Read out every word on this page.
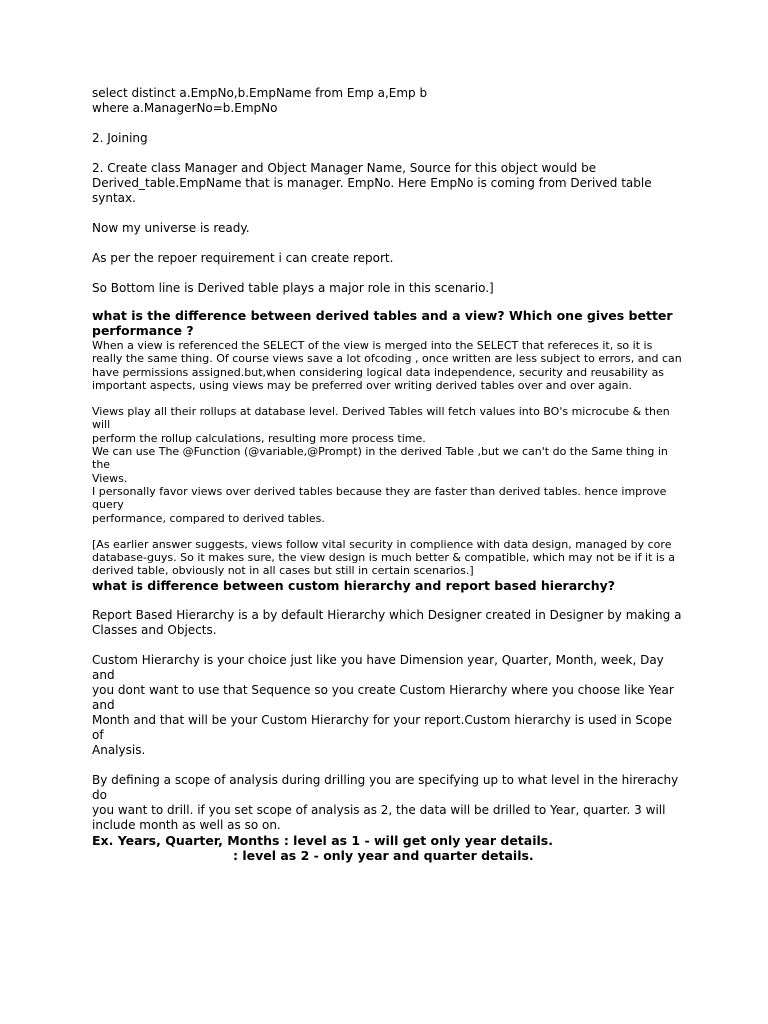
select distinct a.EmpNo,b.EmpName from Emp a,Emp b
where a.ManagerNo=b.EmpNo
2. Joining
2. Create class Manager and Object Manager Name, Source for this object would be
Derived_table.EmpName that is manager. EmpNo. Here EmpNo is coming from Derived table syntax.
Now my universe is ready.
As per the repoer requirement i can create report.
So Bottom line is Derived table plays a major role in this scenario.]
what is the difference between derived tables and a view? Which one gives better
performance ?
When a view is referenced the SELECT of the view is merged into the SELECT that refereces it, so it is
really the same thing. Of course views save a lot ofcoding , once written are less subject to errors, and can
have permissions assigned.but,when considering logical data independence, security and reusability as
important aspects, using views may be preferred over writing derived tables over and over again.
Views play all their rollups at database level. Derived Tables will fetch values into BO's microcube & then will
perform the rollup calculations, resulting more process time.
We can use The @Function (@variable,@Prompt) in the derived Table ,but we can't do the Same thing in the
Views.
I personally favor views over derived tables because they are faster than derived tables. hence improve query
performance, compared to derived tables.
[As earlier answer suggests, views follow vital security in complience with data design, managed by core
database-guys. So it makes sure, the view design is much better & compatible, which may not be if it is a
derived table, obviously not in all cases but still in certain scenarios.]
what is difference between custom hierarchy and report based hierarchy?
Report Based Hierarchy is a by default Hierarchy which Designer created in Designer by making a
Classes and Objects.
Custom Hierarchy is your choice just like you have Dimension year, Quarter, Month, week, Day and
you dont want to use that Sequence so you create Custom Hierarchy where you choose like Year and
Month and that will be your Custom Hierarchy for your report.Custom hierarchy is used in Scope of
Analysis.
By defining a scope of analysis during drilling you are specifying up to what level in the hirerachy do
you want to drill. if you set scope of analysis as 2, the data will be drilled to Year, quarter. 3 will
include month as well as so on.
Ex. Years, Quarter, Months : level as 1 - will get only year details.
: level as 2 - only year and quarter details.
